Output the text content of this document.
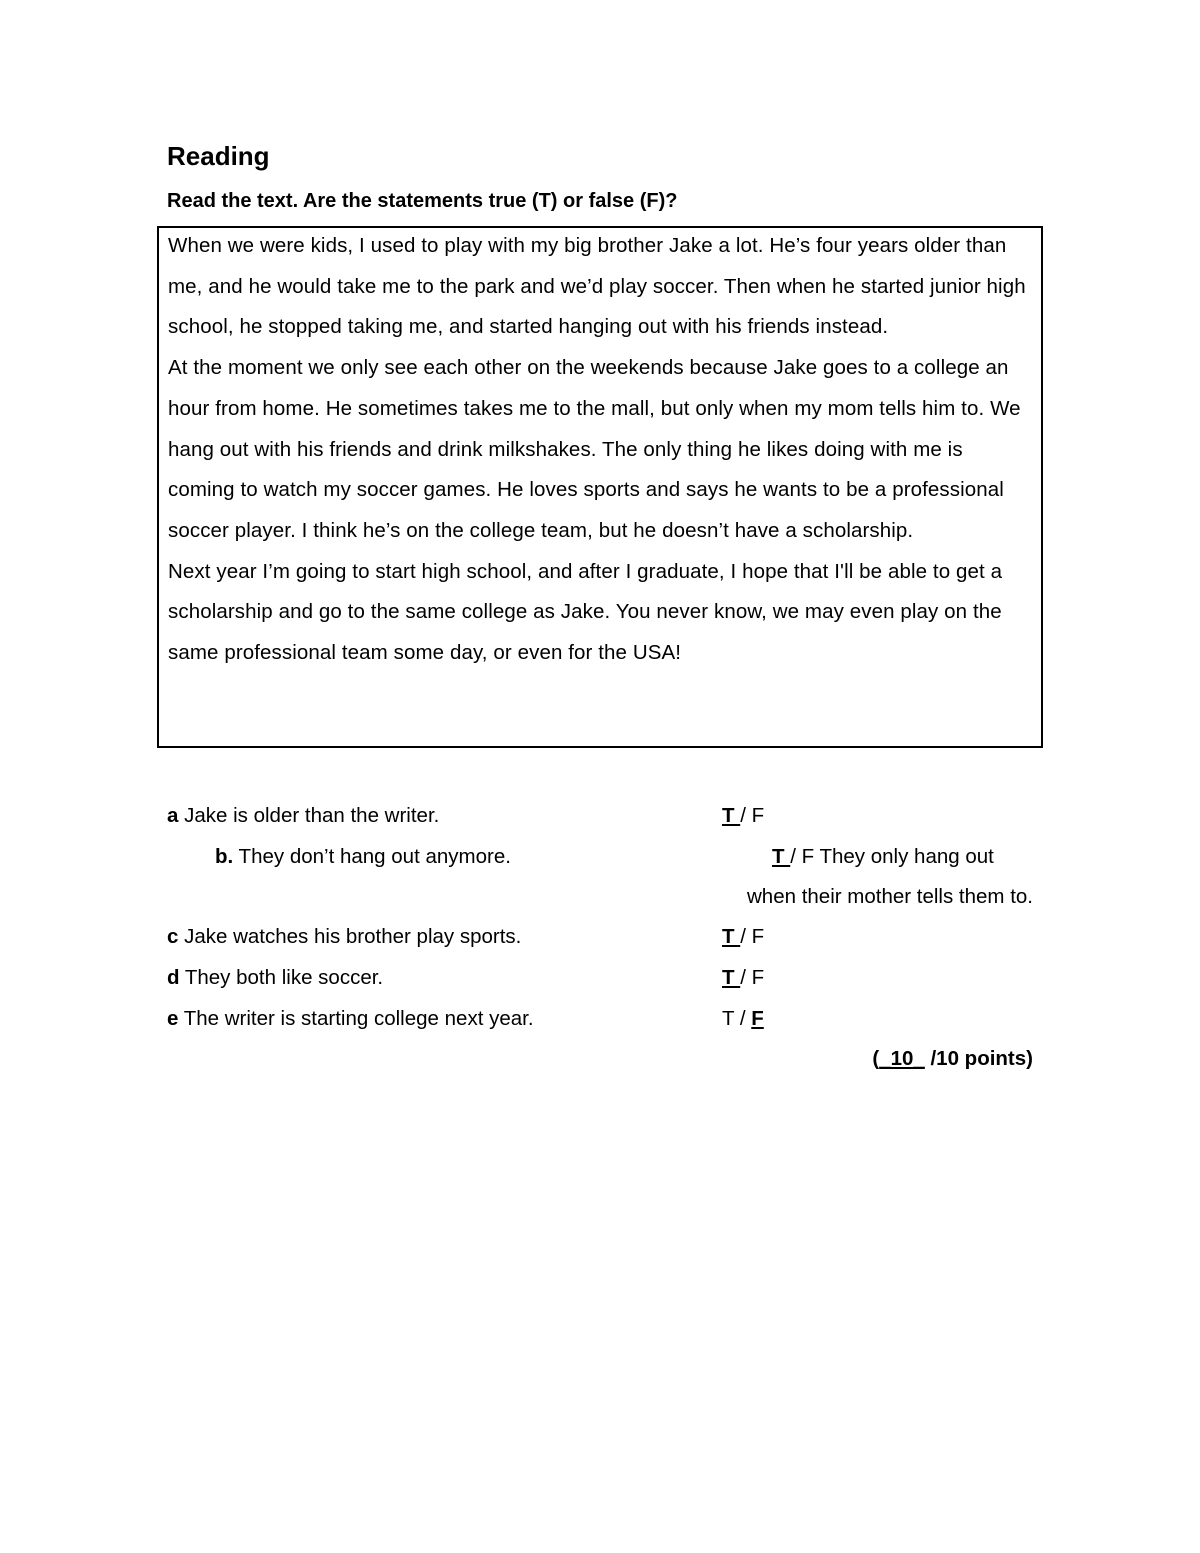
Reading

Read the text. Are the statements true (T) or false (F)?

When we were kids, I used to play with my big brother Jake a lot. He’s four years older than me, and he would take me to the park and we’d play soccer. Then when he started junior high school, he stopped taking me, and started hanging out with his friends instead.

At the moment we only see each other on the weekends because Jake goes to a college an hour from home. He sometimes takes me to the mall, but only when my mom tells him to. We hang out with his friends and drink milkshakes. The only thing he likes doing with me is coming to watch my soccer games. He loves sports and says he wants to be a professional soccer player. I think he’s on the college team, but he doesn’t have a scholarship.

Next year I’m going to start high school, and after I graduate, I hope that I'll be able to get a scholarship and go to the same college as Jake. You never know, we may even play on the same professional team some day, or even for the USA!

a Jake is older than the writer.	T / F
b. They don’t hang out anymore.	T / F They only hang out
when their mother tells them to.
c Jake watches his brother play sports.	T / F
d They both like soccer.	T / F
e The writer is starting college next year.	T / F
(_10_ /10 points)
